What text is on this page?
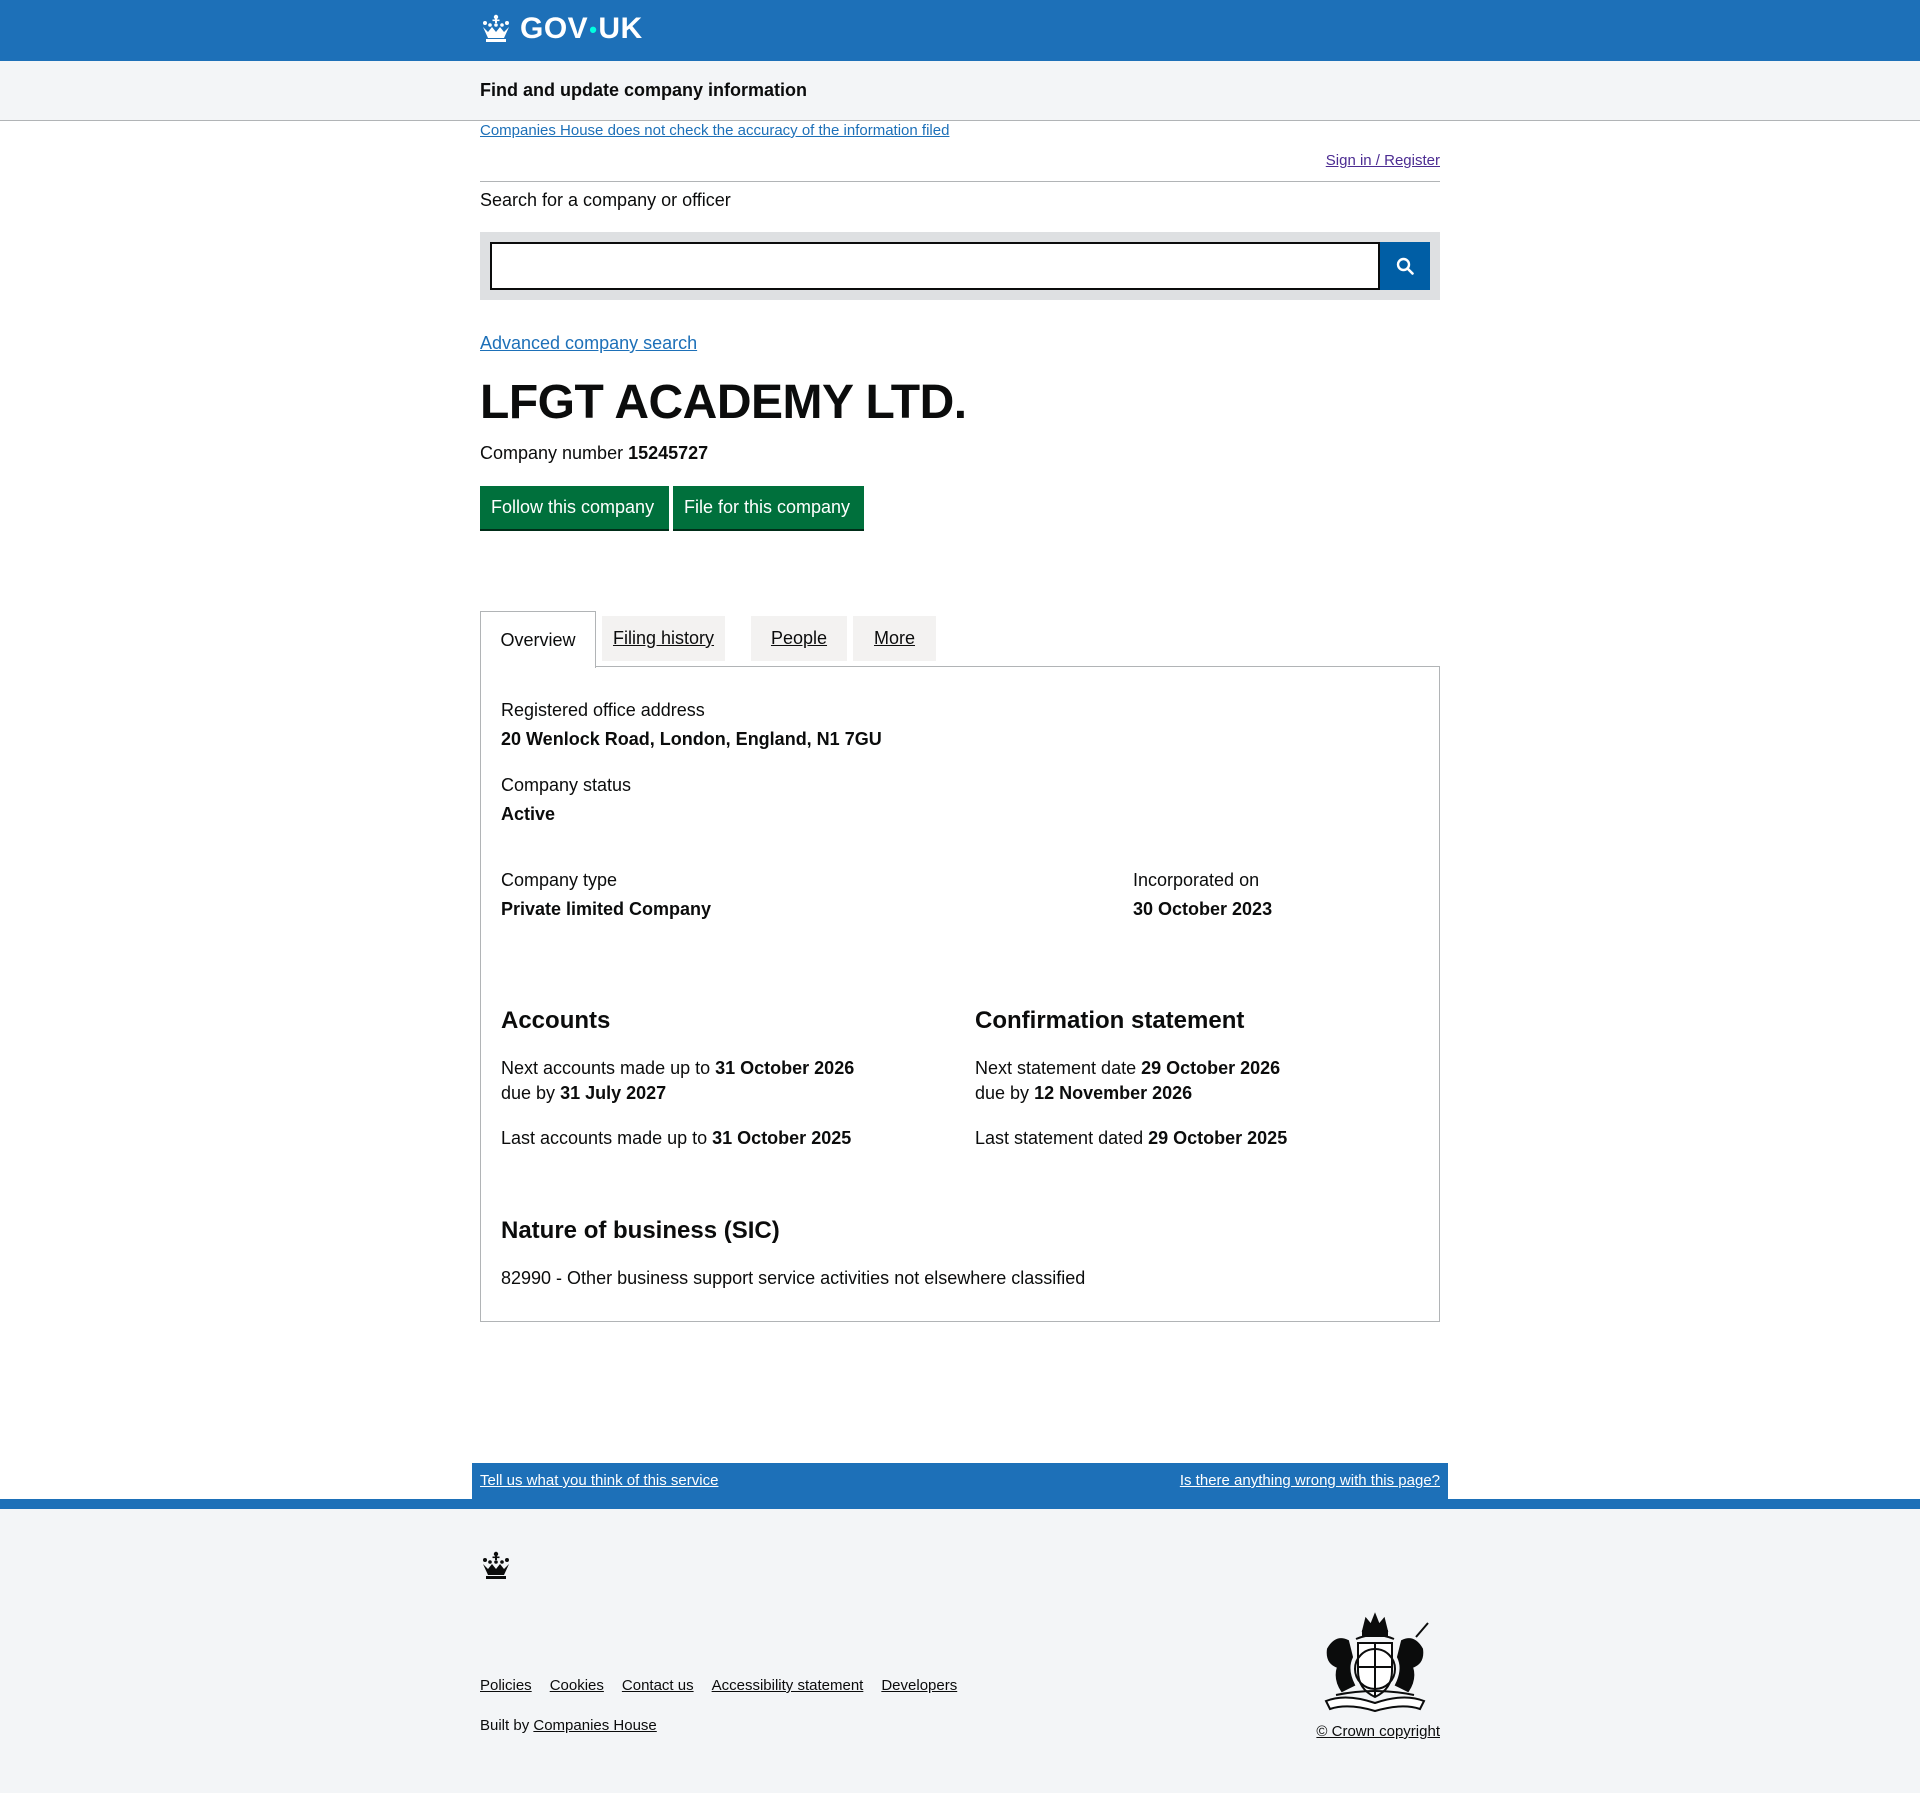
GOV•UK
Find and update company information
Companies House does not check the accuracy of the information filed
Sign in / Register
Search for a company or officer
Advanced company search
LFGT ACADEMY LTD.
Company number 15245727
Follow this company	File for this company
Overview	Filing history	People	More
Registered office address
20 Wenlock Road, London, England, N1 7GU
Company status
Active
Company type
Private limited Company
Incorporated on
30 October 2023
Accounts

Next accounts made up to 31 October 2026
due by 31 July 2027

Last accounts made up to 31 October 2025

Confirmation statement

Next statement date 29 October 2026
due by 12 November 2026

Last statement dated 29 October 2025

Nature of business (SIC)

82990 - Other business support service activities not elsewhere classified

Tell us what you think of this service	Is there anything wrong with this page?
Policies Cookies Contact us Accessibility statement Developers
Built by Companies House	© Crown copyright
